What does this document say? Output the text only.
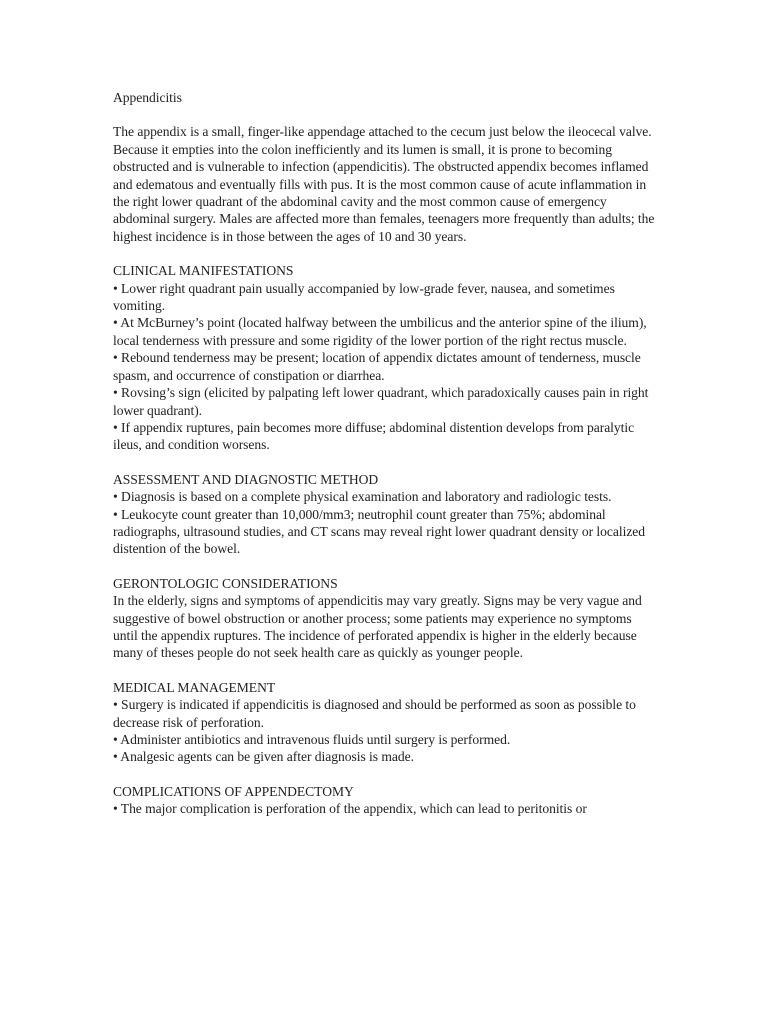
Appendicitis

The appendix is a small, finger-like appendage attached to the cecum just below the ileocecal valve. Because it empties into the colon inefficiently and its lumen is small, it is prone to becoming obstructed and is vulnerable to infection (appendicitis). The obstructed appendix becomes inflamed and edematous and eventually fills with pus. It is the most common cause of acute inflammation in the right lower quadrant of the abdominal cavity and the most common cause of emergency abdominal surgery. Males are affected more than females, teenagers more frequently than adults; the highest incidence is in those between the ages of 10 and 30 years.

CLINICAL MANIFESTATIONS

• Lower right quadrant pain usually accompanied by low-grade fever, nausea, and sometimes vomiting.

• At McBurney’s point (located halfway between the umbilicus and the anterior spine of the ilium), local tenderness with pressure and some rigidity of the lower portion of the right rectus muscle.

• Rebound tenderness may be present; location of appendix dictates amount of tenderness, muscle spasm, and occurrence of constipation or diarrhea.

• Rovsing’s sign (elicited by palpating left lower quadrant, which paradoxically causes pain in right lower quadrant).

• If appendix ruptures, pain becomes more diffuse; abdominal distention develops from paralytic ileus, and condition worsens.

ASSESSMENT AND DIAGNOSTIC METHOD

• Diagnosis is based on a complete physical examination and laboratory and radiologic tests.

• Leukocyte count greater than 10,000/mm3; neutrophil count greater than 75%; abdominal radiographs, ultrasound studies, and CT scans may reveal right lower quadrant density or localized distention of the bowel.

GERONTOLOGIC CONSIDERATIONS

In the elderly, signs and symptoms of appendicitis may vary greatly. Signs may be very vague and suggestive of bowel obstruction or another process; some patients may experience no symptoms until the appendix ruptures. The incidence of perforated appendix is higher in the elderly because many of theses people do not seek health care as quickly as younger people.

MEDICAL MANAGEMENT

• Surgery is indicated if appendicitis is diagnosed and should be performed as soon as possible to decrease risk of perforation.

• Administer antibiotics and intravenous fluids until surgery is performed.

• Analgesic agents can be given after diagnosis is made.

COMPLICATIONS OF APPENDECTOMY

• The major complication is perforation of the appendix, which can lead to peritonitis or
